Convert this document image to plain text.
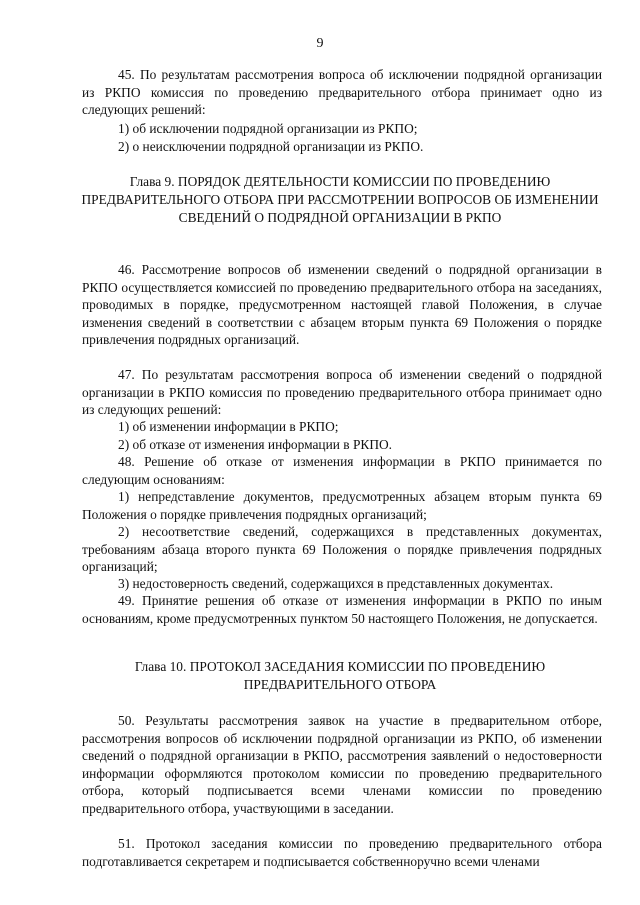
9

45. По результатам рассмотрения вопроса об исключении подрядной организации из РКПО комиссия по проведению предварительного отбора принимает одно из следующих решений:

1) об исключении подрядной организации из РКПО;

2) о неисключении подрядной организации из РКПО.

Глава 9. ПОРЯДОК ДЕЯТЕЛЬНОСТИ КОМИССИИ ПО ПРОВЕДЕНИЮ ПРЕДВАРИТЕЛЬНОГО ОТБОРА ПРИ РАССМОТРЕНИИ ВОПРОСОВ ОБ ИЗМЕНЕНИИ СВЕДЕНИЙ О ПОДРЯДНОЙ ОРГАНИЗАЦИИ В РКПО

46. Рассмотрение вопросов об изменении сведений о подрядной организации в РКПО осуществляется комиссией по проведению предварительного отбора на заседаниях, проводимых в порядке, предусмотренном настоящей главой Положения, в случае изменения сведений в соответствии с абзацем вторым пункта 69 Положения о порядке привлечения подрядных организаций.

47. По результатам рассмотрения вопроса об изменении сведений о подрядной организации в РКПО комиссия по проведению предварительного отбора принимает одно из следующих решений:

1) об изменении информации в РКПО;

2) об отказе от изменения информации в РКПО.

48. Решение об отказе от изменения информации в РКПО принимается по следующим основаниям:

1) непредставление документов, предусмотренных абзацем вторым пункта 69 Положения о порядке привлечения подрядных организаций;

2) несоответствие сведений, содержащихся в представленных документах, требованиям абзаца второго пункта 69 Положения о порядке привлечения подрядных организаций;

3) недостоверность сведений, содержащихся в представленных документах.

49. Принятие решения об отказе от изменения информации в РКПО по иным основаниям, кроме предусмотренных пунктом 50 настоящего Положения, не допускается.

Глава 10. ПРОТОКОЛ ЗАСЕДАНИЯ КОМИССИИ ПО ПРОВЕДЕНИЮ ПРЕДВАРИТЕЛЬНОГО ОТБОРА

50. Результаты рассмотрения заявок на участие в предварительном отборе, рассмотрения вопросов об исключении подрядной организации из РКПО, об изменении сведений о подрядной организации в РКПО, рассмотрения заявлений о недостоверности информации оформляются протоколом комиссии по проведению предварительного отбора, который подписывается всеми членами комиссии по проведению предварительного отбора, участвующими в заседании.

51. Протокол заседания комиссии по проведению предварительного отбора подготавливается секретарем и подписывается собственноручно всеми членами
